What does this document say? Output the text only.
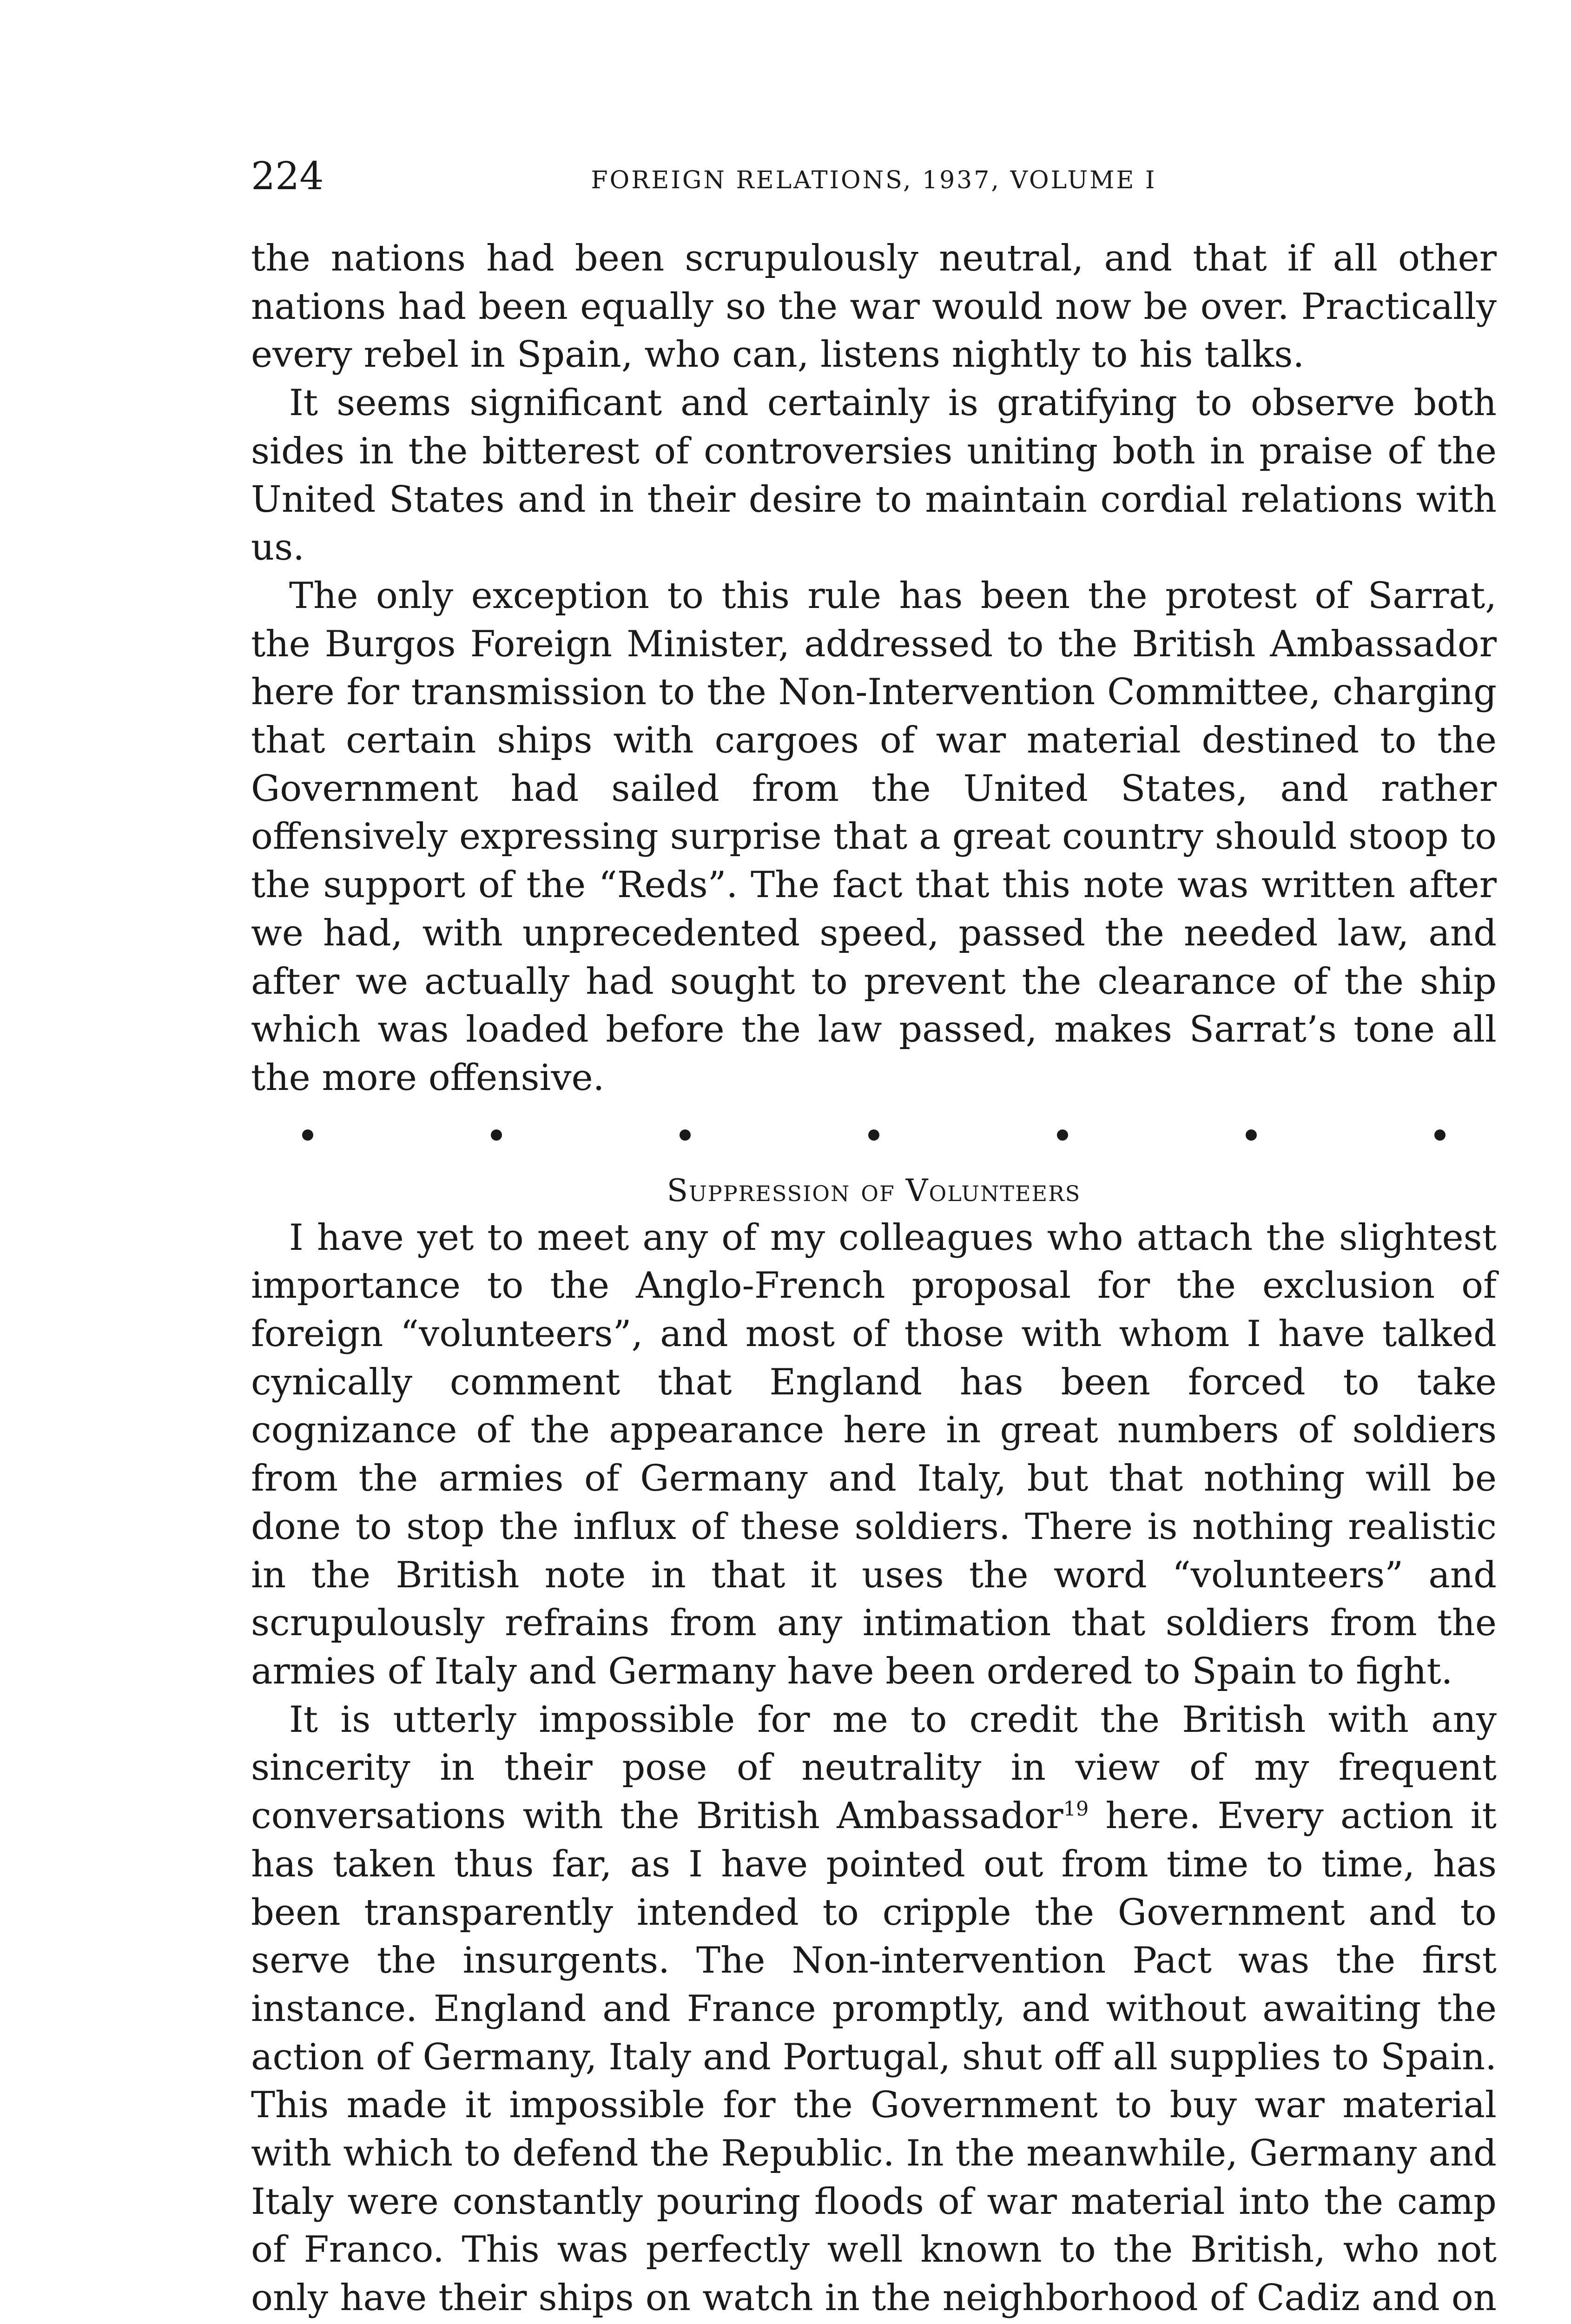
224	FOREIGN RELATIONS, 1937, VOLUME I

the nations had been scrupulously neutral, and that if all other nations had been equally so the war would now be over. Practically every rebel in Spain, who can, listens nightly to his talks.

It seems significant and certainly is gratifying to observe both sides in the bitterest of controversies uniting both in praise of the United States and in their desire to maintain cordial relations with us.

The only exception to this rule has been the protest of Sarrat, the Burgos Foreign Minister, addressed to the British Ambassador here for transmission to the Non-Intervention Committee, charging that certain ships with cargoes of war material destined to the Government had sailed from the United States, and rather offensively expressing surprise that a great country should stoop to the support of the “Reds”. The fact that this note was written after we had, with unprecedented speed, passed the needed law, and after we actually had sought to prevent the clearance of the ship which was loaded before the law passed, makes Sarrat’s tone all the more offensive.

Suppression of Volunteers

I have yet to meet any of my colleagues who attach the slightest importance to the Anglo-French proposal for the exclusion of foreign “volunteers”, and most of those with whom I have talked cynically comment that England has been forced to take cognizance of the appearance here in great numbers of soldiers from the armies of Germany and Italy, but that nothing will be done to stop the influx of these soldiers. There is nothing realistic in the British note in that it uses the word “volunteers” and scrupulously refrains from any intimation that soldiers from the armies of Italy and Germany have been ordered to Spain to fight.

It is utterly impossible for me to credit the British with any sincerity in their pose of neutrality in view of my frequent conversations with the British Ambassador$^{19}$ here. Every action it has taken thus far, as I have pointed out from time to time, has been transparently intended to cripple the Government and to serve the insurgents. The Non-intervention Pact was the first instance. England and France promptly, and without awaiting the action of Germany, Italy and Portugal, shut off all supplies to Spain. This made it impossible for the Government to buy war material with which to defend the Republic. In the meanwhile, Germany and Italy were constantly pouring floods of war material into the camp of Franco. This was perfectly well known to the British, who not only have their ships on watch in the neighborhood of Cadiz and on
